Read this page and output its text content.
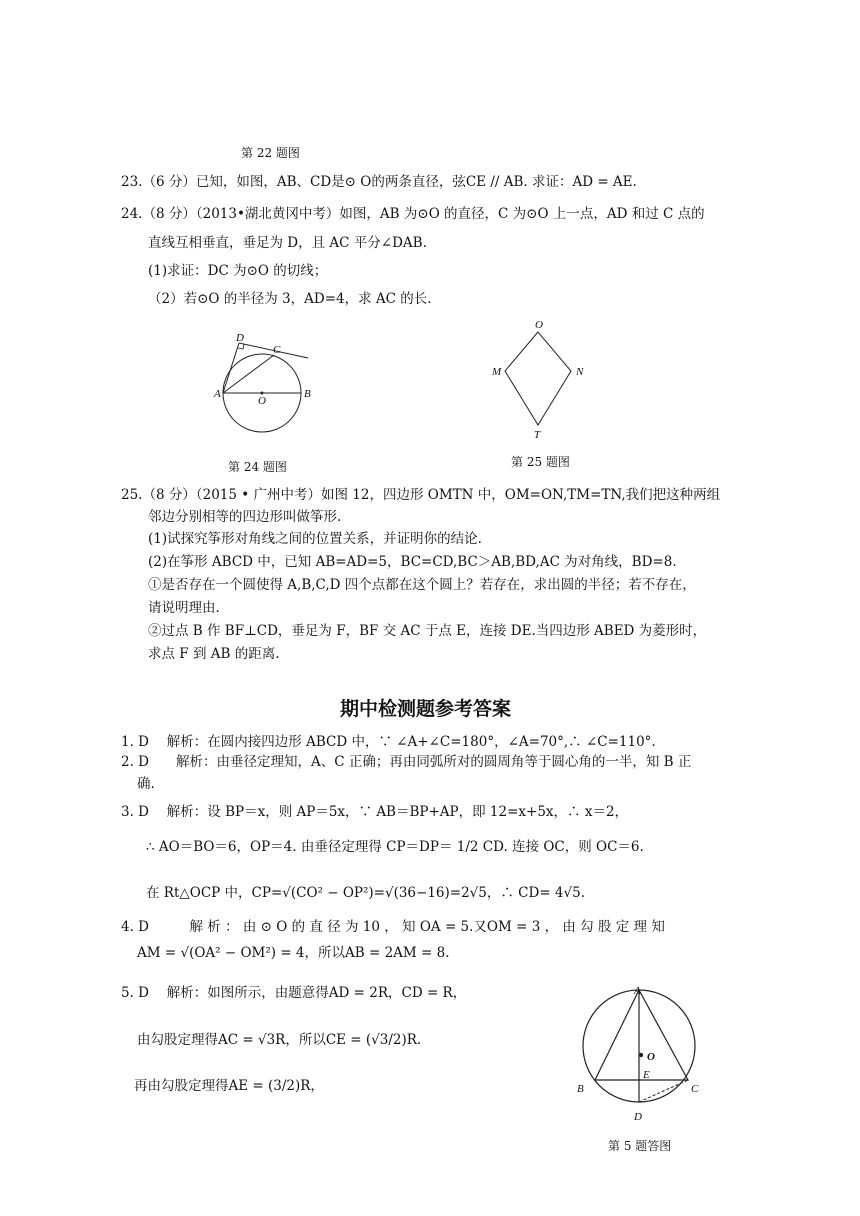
第 22 题图
23.（6 分）已知，如图，AB、CD是⊙ O的两条直径，弦CE // AB. 求证：AD = AE.
24.（8 分）（2013•湖北黄冈中考）如图，AB 为⊙O 的直径，C 为⊙O 上一点，AD 和过 C 点的
直线互相垂直，垂足为 D，且 AC 平分∠DAB.
(1)求证：DC 为⊙O 的切线；
（2）若⊙O 的半径为 3，AD=4，求 AC 的长.
D
C
A
O
B
第 24 题图
O
M	N
T
第 25 题图
25.（8 分）（2015 • 广州中考）如图 12，四边形 OMTN 中，OM=ON,TM=TN,我们把这种两组
邻边分别相等的四边形叫做筝形.
(1)试探究筝形对角线之间的位置关系，并证明你的结论.
(2)在筝形 ABCD 中，已知 AB=AD=5，BC=CD,BC＞AB,BD,AC 为对角线，BD=8.
①是否存在一个圆使得 A,B,C,D 四个点都在这个圆上？若存在，求出圆的半径；若不存在，
请说明理由.
②过点 B 作 BF⊥CD，垂足为 F，BF 交 AC 于点 E，连接 DE.当四边形 ABED 为菱形时，
求点 F 到 AB 的距离.
期中检测题参考答案
1. D　 解析：在圆内接四边形 ABCD 中，∵ ∠A+∠C=180°，∠A=70°,∴ ∠C=110°.
2. D　　解析：由垂径定理知，A、C 正确；再由同弧所对的圆周角等于圆心角的一半，知 B 正
确.
3. D　 解析：设 BP＝x，则 AP＝5x，∵ AB＝BP+AP，即 12=x+5x，∴ x＝2，
∴ AO＝BO＝6，OP＝4. 由垂径定理得 CP＝DP＝ 1/2 CD. 连接 OC，则 OC＝6.
在 Rt△OCP 中，CP=√(CO² − OP²)=√(36−16)=2√5，∴ CD= 4√5.
4. D　　　解 析 ： 由 ⊙ O 的 直 径 为 10 ， 知 OA = 5.又OM = 3 ， 由 勾 股 定 理 知
AM = √(OA² − OM²) = 4，所以AB = 2AM = 8.
5. D　 解析：如图所示，由题意得AD = 2R，CD = R，
由勾股定理得AC = √3R，所以CE = (√3/2)R.
再由勾股定理得AE = (3/2)R，
A
O
E
B	C
D
第 5 题答图
